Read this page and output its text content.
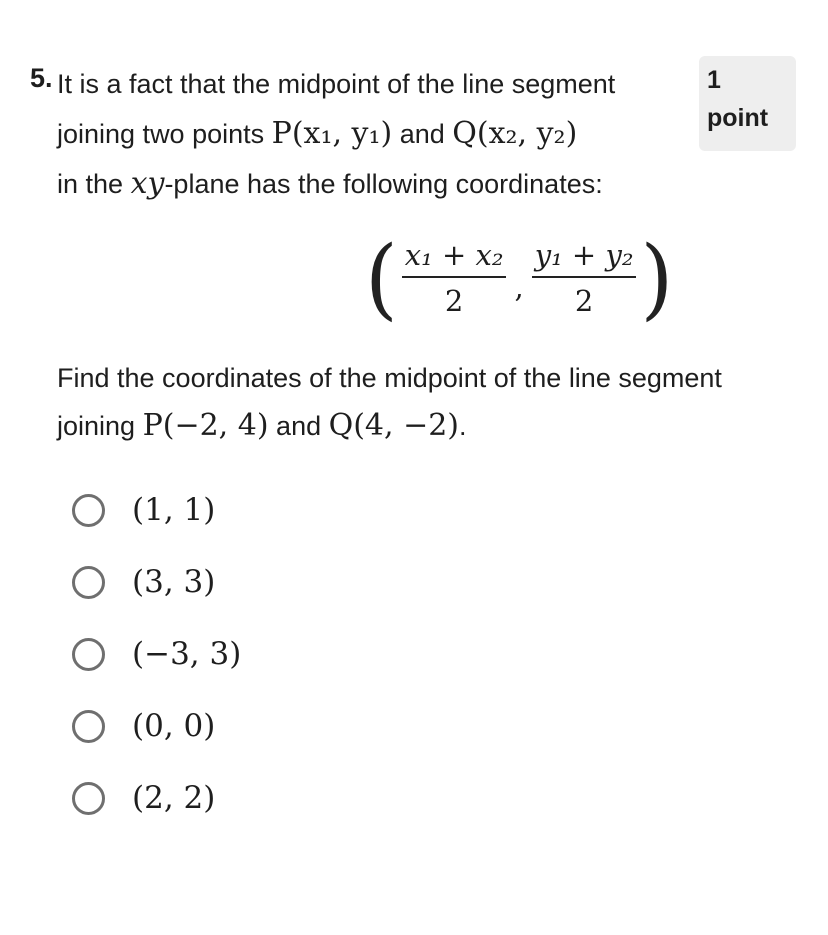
5. It is a fact that the midpoint of the line segment joining two points P(x₁, y₁) and Q(x₂, y₂)
in the xy-plane has the following coordinates:
1
point
( $\frac{\text{x₁ + x₂}}{2}$ , $\frac{\text{y₁ + y₂}}{2}$ )
Find the coordinates of the midpoint of the line segment joining P(−2, 4) and Q(4, −2).
(1, 1)
(3, 3)
(−3, 3)
(0, 0)
(2, 2)
